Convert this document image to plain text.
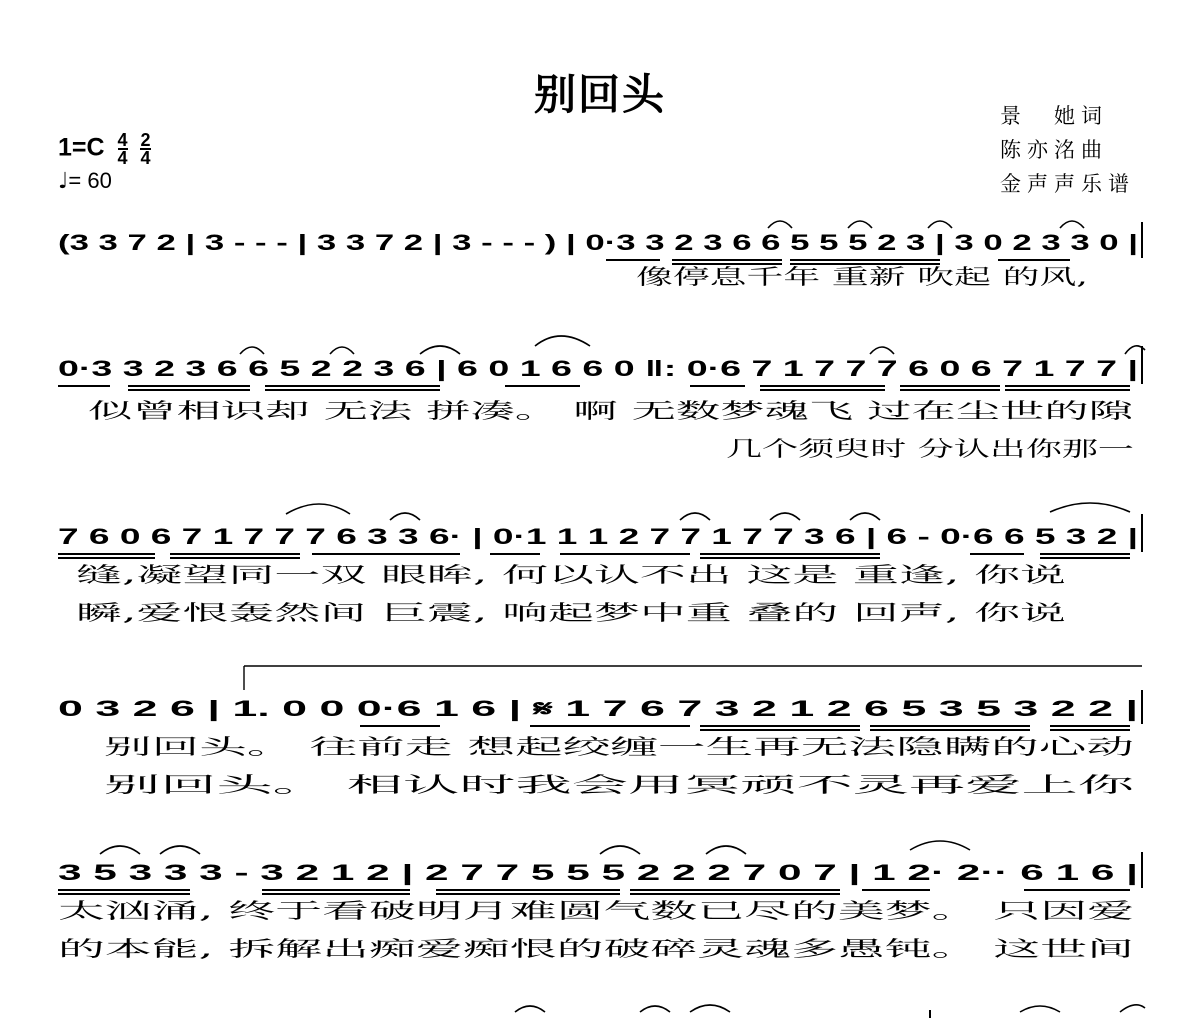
别回头	景　她词
陈亦洺曲
金声声乐谱
$1=C \frac{4}{4}$
$\frac{2}{4}$
♩= 60
(3 3 7 2 | 3 - - - | 3 3 7 2 | 3 - - - ) | 0·3 3 2 3 6 6 5 5 5 2 3 | 3 0 2 3 3 0 |
像停息千年 重新 吹起 的风,
0·3 3 2 3 6 6 5 2 2 3 6 | 6 0 1 6 6 0 ‖: 0·6 7 1 7 7 7 6 0 6 7 1 7 7 |
似曾相识却 无法 拼凑。 啊 无数梦魂飞 过在尘世的隙
几个须臾时 分认出你那一
7 6 0 6 7 1 7 7 7 6 3 3 6· | 0·1 1 1 2 7 7 1 7 7 3 6 | 6 - 0·6 6 5 3 2 |
缝,凝望同一双 眼眸, 何以认不出 这是 重逢, 你说
瞬,爱恨轰然间 巨震, 响起梦中重 叠的 回声, 你说
0 3 2 6 | 1. 0 0 0·6 1 6 | 𝄋 1 7 6 7 3 2 1 2 6 5 3 5 3 2 2 |
别回头。 往前走 想起绞缠一生再无法隐瞒的心动
别回头。 相认时我会用冥顽不灵再爱上你
3 5 3 3 3 - 3 2 1 2 | 2 7 7 5 5 5 2 2 2 7 0 7 | 1 2· 2·· 6 1 6 |
太汹涌, 终于看破明月难圆气数已尽的美梦。 只因爱
的本能, 拆解出痴爱痴恨的破碎灵魂多愚钝。 这世间
